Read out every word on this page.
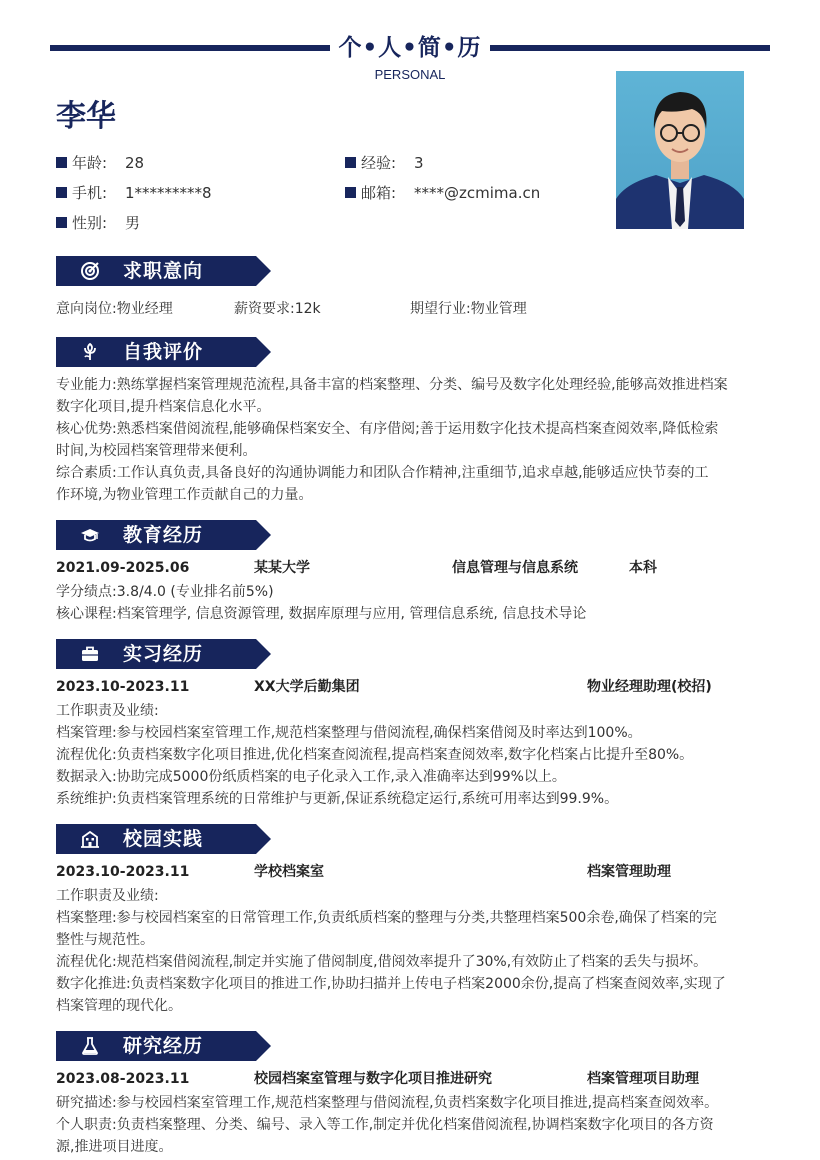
个•人•简•历
PERSONAL
李华
年龄: 28	经验: 3
手机: 1*********8	邮箱: ****@zcmima.cn
性别: 男
求职意向
意向岗位:物业经理	薪资要求:12k	期望行业:物业管理
自我评价
专业能力:熟练掌握档案管理规范流程,具备丰富的档案整理、分类、编号及数字化处理经验,能够高效推进档案
数字化项目,提升档案信息化水平。
核心优势:熟悉档案借阅流程,能够确保档案安全、有序借阅;善于运用数字化技术提高档案查阅效率,降低检索
时间,为校园档案管理带来便利。
综合素质:工作认真负责,具备良好的沟通协调能力和团队合作精神,注重细节,追求卓越,能够适应快节奏的工
作环境,为物业管理工作贡献自己的力量。
教育经历
2021.09-2025.06	某某大学	信息管理与信息系统	本科
学分绩点:3.8/4.0 (专业排名前5%)
核心课程:档案管理学, 信息资源管理, 数据库原理与应用, 管理信息系统, 信息技术导论
实习经历
2023.10-2023.11	XX大学后勤集团	物业经理助理(校招)
工作职责及业绩:
档案管理:参与校园档案室管理工作,规范档案整理与借阅流程,确保档案借阅及时率达到100%。
流程优化:负责档案数字化项目推进,优化档案查阅流程,提高档案查阅效率,数字化档案占比提升至80%。
数据录入:协助完成5000份纸质档案的电子化录入工作,录入准确率达到99%以上。
系统维护:负责档案管理系统的日常维护与更新,保证系统稳定运行,系统可用率达到99.9%。
校园实践
2023.10-2023.11	学校档案室	档案管理助理
工作职责及业绩:
档案整理:参与校园档案室的日常管理工作,负责纸质档案的整理与分类,共整理档案500余卷,确保了档案的完
整性与规范性。
流程优化:规范档案借阅流程,制定并实施了借阅制度,借阅效率提升了30%,有效防止了档案的丢失与损坏。
数字化推进:负责档案数字化项目的推进工作,协助扫描并上传电子档案2000余份,提高了档案查阅效率,实现了
档案管理的现代化。
研究经历
2023.08-2023.11	校园档案室管理与数字化项目推进研究	档案管理项目助理
研究描述:参与校园档案室管理工作,规范档案整理与借阅流程,负责档案数字化项目推进,提高档案查阅效率。
个人职责:负责档案整理、分类、编号、录入等工作,制定并优化档案借阅流程,协调档案数字化项目的各方资
源,推进项目进度。
